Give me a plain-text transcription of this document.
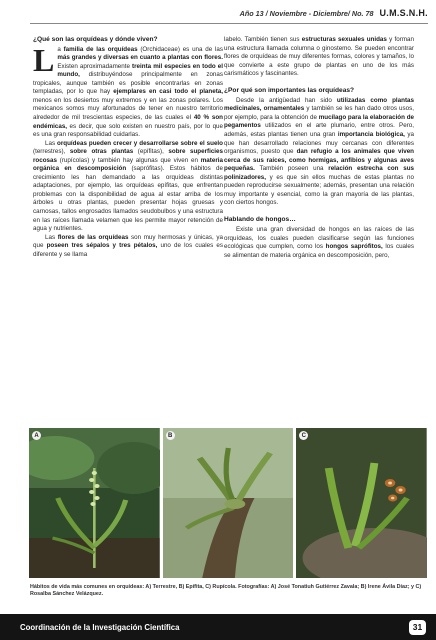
Año 13 / Noviembre - Diciembre/ No. 78 U.M.S.N.H.
¿Qué son las orquídeas y dónde viven?

L a familia de las orquídeas (Orchidaceae) es una de las más grandes y diversas en cuanto a plantas con flores. Existen aproximadamente treinta mil especies en todo el mundo, distribuyéndose principalmente en zonas tropicales, aunque también es posible encontrarlas en zonas templadas, por lo que hay ejemplares en casi todo el planeta, menos en los desiertos muy extremos y en las zonas polares. Los mexicanos somos muy afortunados de tener en nuestro territorio alrededor de mil trescientas especies, de las cuales el 40 % son endémicas, es decir, que solo existen en nuestro país, por lo que es una gran responsabilidad cuidarlas.

Las orquídeas pueden crecer y desarrollarse sobre el suelo (terrestres), sobre otras plantas (epífitas), sobre superficies rocosas (rupícolas) y también hay algunas que viven en materia orgánica en descomposición (saprófitas). Estos hábitos de crecimiento les han demandado a las orquídeas distintas adaptaciones, por ejemplo, las orquídeas epífitas, que enfrentan problemas con la disponibilidad de agua al estar arriba de los árboles u otras plantas, pueden presentar hojas gruesas y carnosas, tallos engrosados llamados seudobulbos y una estructura en las raíces llamada velamen que les permite mayor retención de agua y nutrientes.

Las flores de las orquídeas son muy hermosas y únicas, ya que poseen tres sépalos y tres pétalos, uno de los cuales es diferente y se llama

labelo. También tienen sus estructuras sexuales unidas y forman una estructura llamada columna o ginostemo. Se pueden encontrar flores de orquídeas de muy diferentes formas, colores y tamaños, lo que convierte a este grupo de plantas en uno de los más carismáticos y fascinantes.

¿Por qué son importantes las orquídeas?

Desde la antigüedad han sido utilizadas como plantas medicinales, ornamentales y también se les han dado otros usos, por ejemplo, para la obtención de mucílago para la elaboración de pegamentos utilizados en el arte plumario, entre otros. Pero, además, estas plantas tienen una gran importancia biológica, ya que han desarrollado relaciones muy cercanas con diferentes organismos, puesto que dan refugio a los animales que viven cerca de sus raíces, como hormigas, anfibios y algunas aves pequeñas. También poseen una relación estrecha con sus polinizadores, y es que sin ellos muchas de estas plantas no pueden reproducirse sexualmente; además, presentan una relación muy importante y esencial, como la gran mayoría de las plantas, con ciertos hongos.

Hablando de hongos…

Existe una gran diversidad de hongos en las raíces de las orquídeas, los cuales pueden clasificarse según las funciones ecológicas que cumplen, como los hongos saprófitos, los cuales se alimentan de materia orgánica en descomposición, pero,

A	B	C
Hábitos de vida más comunes en orquídeas: A) Terrestre, B) Epífita, C) Rupícola. Fotografías: A) José Tonatiuh Gutiérrez Zavala; B) Irene Ávila Díaz; y C) Rosalba Sánchez Velázquez.
Coordinación de la Investigación Científica	31
